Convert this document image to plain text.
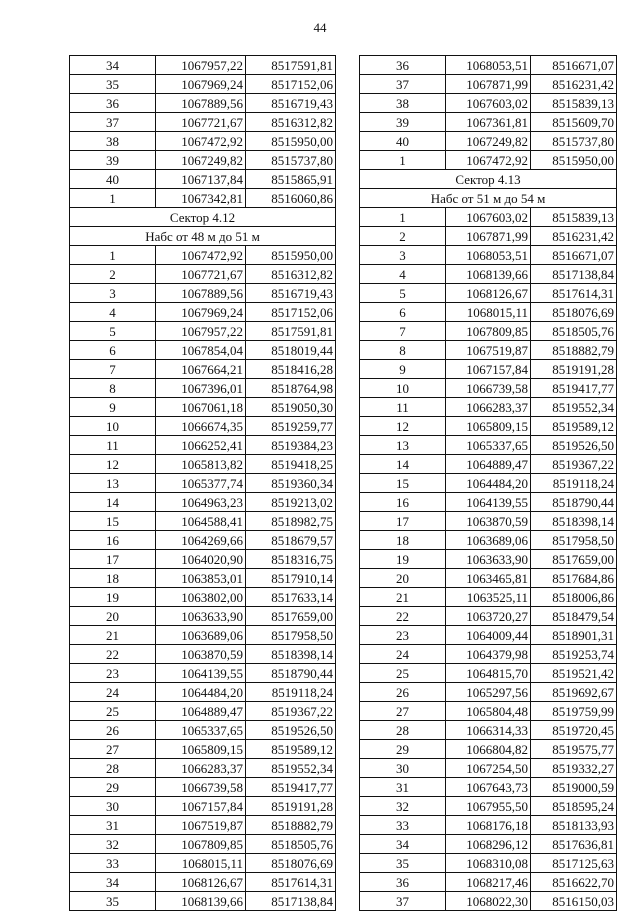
44
34	1067957,22	8517591,81
35	1067969,24	8517152,06
36	1067889,56	8516719,43
37	1067721,67	8516312,82
38	1067472,92	8515950,00
39	1067249,82	8515737,80
40	1067137,84	8515865,91
1	1067342,81	8516060,86
Сектор 4.12		
Набс от 48 м до 51 м		
1	1067472,92	8515950,00
2	1067721,67	8516312,82
3	1067889,56	8516719,43
4	1067969,24	8517152,06
5	1067957,22	8517591,81
6	1067854,04	8518019,44
7	1067664,21	8518416,28
8	1067396,01	8518764,98
9	1067061,18	8519050,30
10	1066674,35	8519259,77
11	1066252,41	8519384,23
12	1065813,82	8519418,25
13	1065377,74	8519360,34
14	1064963,23	8519213,02
15	1064588,41	8518982,75
16	1064269,66	8518679,57
17	1064020,90	8518316,75
18	1063853,01	8517910,14
19	1063802,00	8517633,14
20	1063633,90	8517659,00
21	1063689,06	8517958,50
22	1063870,59	8518398,14
23	1064139,55	8518790,44
24	1064484,20	8519118,24
25	1064889,47	8519367,22
26	1065337,65	8519526,50
27	1065809,15	8519589,12
28	1066283,37	8519552,34
29	1066739,58	8519417,77
30	1067157,84	8519191,28
31	1067519,87	8518882,79
32	1067809,85	8518505,76
33	1068015,11	8518076,69
34	1068126,67	8517614,31
35	1068139,66	8517138,84
36	1068053,51	8516671,07
37	1067871,99	8516231,42
38	1067603,02	8515839,13
39	1067361,81	8515609,70
40	1067249,82	8515737,80
1	1067472,92	8515950,00
Сектор 4.13		
Набс от 51 м до 54 м		
1	1067603,02	8515839,13
2	1067871,99	8516231,42
3	1068053,51	8516671,07
4	1068139,66	8517138,84
5	1068126,67	8517614,31
6	1068015,11	8518076,69
7	1067809,85	8518505,76
8	1067519,87	8518882,79
9	1067157,84	8519191,28
10	1066739,58	8519417,77
11	1066283,37	8519552,34
12	1065809,15	8519589,12
13	1065337,65	8519526,50
14	1064889,47	8519367,22
15	1064484,20	8519118,24
16	1064139,55	8518790,44
17	1063870,59	8518398,14
18	1063689,06	8517958,50
19	1063633,90	8517659,00
20	1063465,81	8517684,86
21	1063525,11	8518006,86
22	1063720,27	8518479,54
23	1064009,44	8518901,31
24	1064379,98	8519253,74
25	1064815,70	8519521,42
26	1065297,56	8519692,67
27	1065804,48	8519759,99
28	1066314,33	8519720,45
29	1066804,82	8519575,77
30	1067254,50	8519332,27
31	1067643,73	8519000,59
32	1067955,50	8518595,24
33	1068176,18	8518133,93
34	1068296,12	8517636,81
35	1068310,08	8517125,63
36	1068217,46	8516622,70
37	1068022,30	8516150,03
